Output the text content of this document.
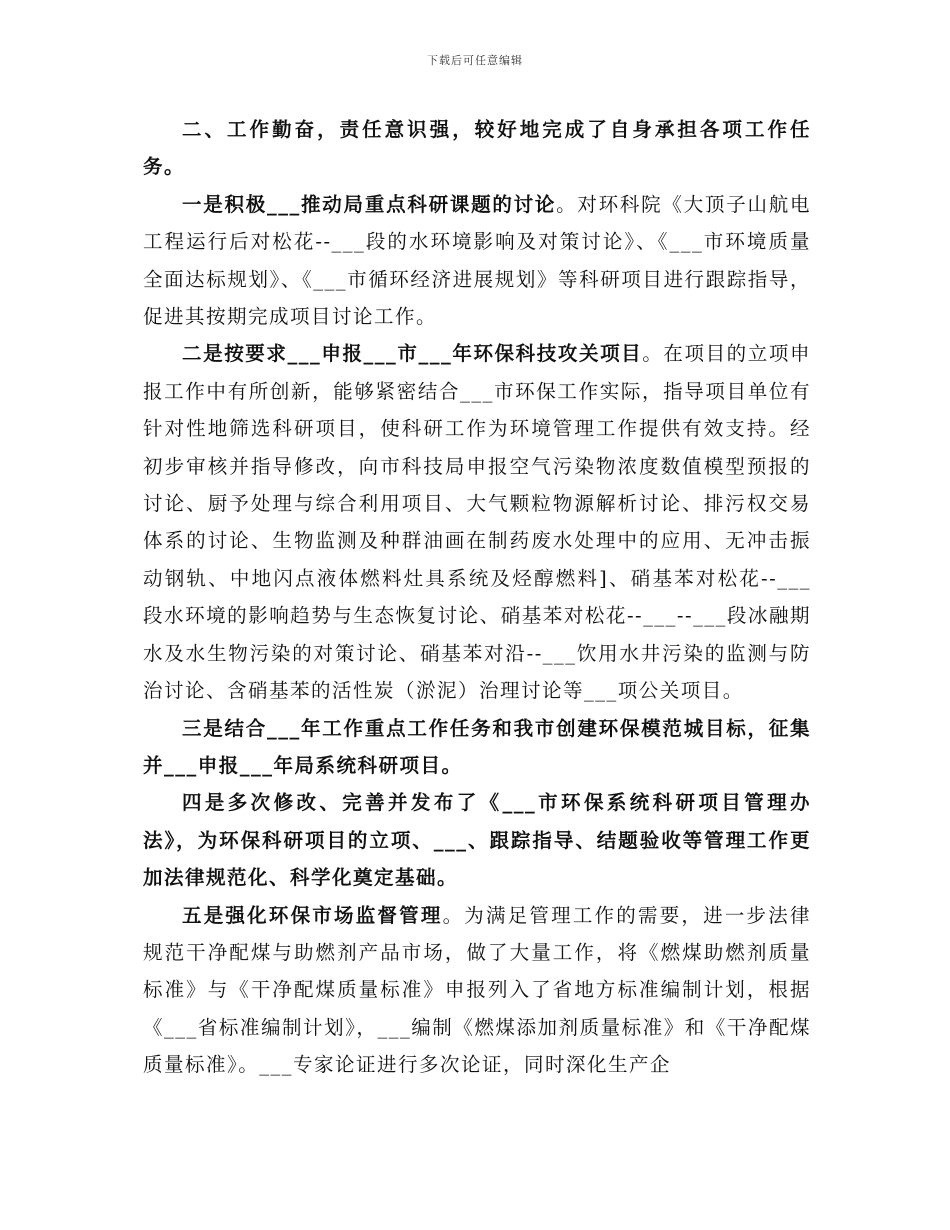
下载后可任意编辑

二、工作勤奋，责任意识强，较好地完成了自身承担各项工作任务。

一是积极___推动局重点科研课题的讨论。对环科院《大顶子山航电工程运行后对松花--___段的水环境影响及对策讨论》、《___市环境质量全面达标规划》、《___市循环经济进展规划》等科研项目进行跟踪指导，促进其按期完成项目讨论工作。

二是按要求___申报___市___年环保科技攻关项目。在项目的立项申报工作中有所创新，能够紧密结合___市环保工作实际，指导项目单位有针对性地筛选科研项目，使科研工作为环境管理工作提供有效支持。经初步审核并指导修改，向市科技局申报空气污染物浓度数值模型预报的讨论、厨予处理与综合利用项目、大气颗粒物源解析讨论、排污权交易体系的讨论、生物监测及种群油画在制药废水处理中的应用、无冲击振动钢轨、中地闪点液体燃料灶具系统及烃醇燃料]、硝基苯对松花--___段水环境的影响趋势与生态恢复讨论、硝基苯对松花--___--___段冰融期水及水生物污染的对策讨论、硝基苯对沿--___饮用水井污染的监测与防治讨论、含硝基苯的活性炭（淤泥）治理讨论等___项公关项目。

三是结合___年工作重点工作任务和我市创建环保模范城目标，征集并___申报___年局系统科研项目。

四是多次修改、完善并发布了《___市环保系统科研项目管理办法》，为环保科研项目的立项、___、跟踪指导、结题验收等管理工作更加法律规范化、科学化奠定基础。

五是强化环保市场监督管理。为满足管理工作的需要，进一步法律规范干净配煤与助燃剂产品市场，做了大量工作，将《燃煤助燃剂质量标准》与《干净配煤质量标准》申报列入了省地方标准编制计划，根据《___省标准编制计划》，___编制《燃煤添加剂质量标准》和《干净配煤质量标准》。___专家论证进行多次论证，同时深化生产企
